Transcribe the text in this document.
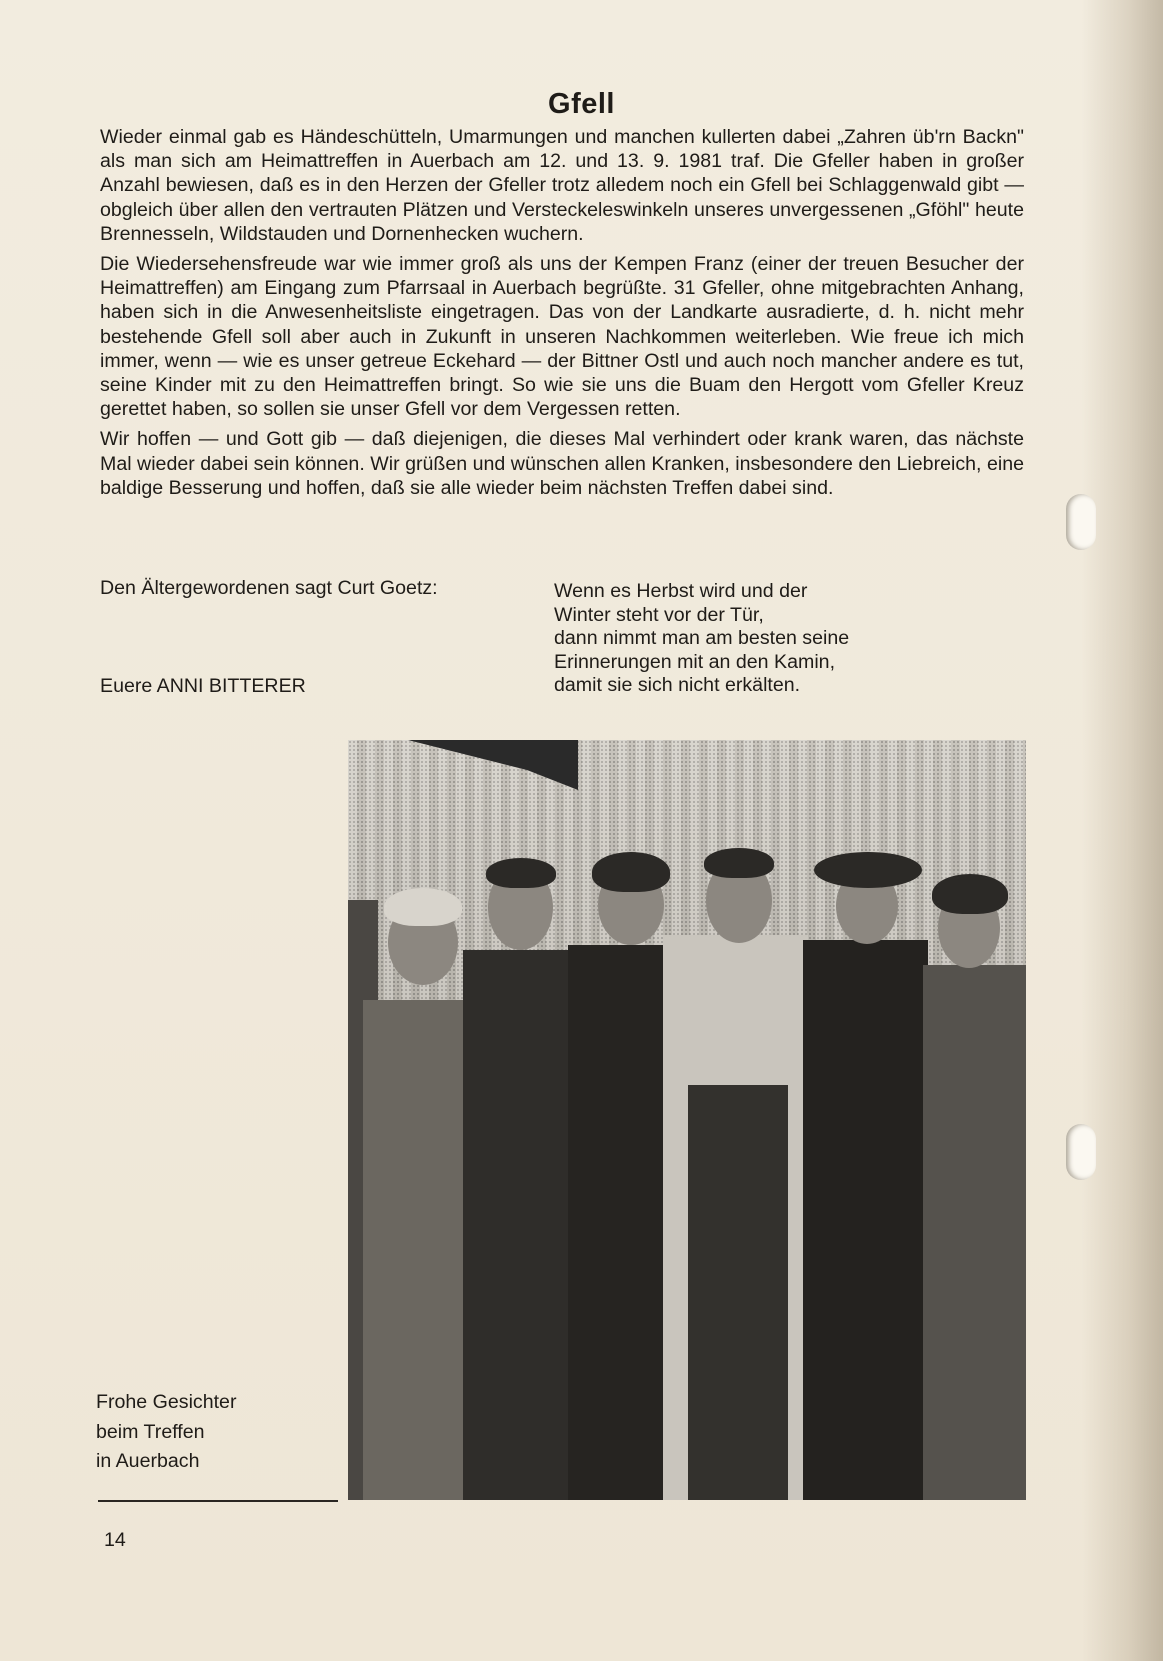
Gfell

Wieder einmal gab es Händeschütteln, Umarmungen und manchen kullerten dabei „Zahren üb'rn Backn" als man sich am Heimattreffen in Auerbach am 12. und 13. 9. 1981 traf. Die Gfeller haben in großer Anzahl bewiesen, daß es in den Herzen der Gfeller trotz alledem noch ein Gfell bei Schlaggenwald gibt — obgleich über allen den vertrauten Plätzen und Versteckeleswinkeln unseres unvergessenen „Gföhl" heute Brennesseln, Wildstauden und Dornenhecken wuchern.

Die Wiedersehensfreude war wie immer groß als uns der Kempen Franz (einer der treuen Besucher der Heimattreffen) am Eingang zum Pfarrsaal in Auerbach begrüßte. 31 Gfeller, ohne mitgebrachten Anhang, haben sich in die Anwesenheitsliste eingetragen. Das von der Landkarte ausradierte, d. h. nicht mehr bestehende Gfell soll aber auch in Zukunft in unseren Nachkommen weiterleben. Wie freue ich mich immer, wenn — wie es unser getreue Eckehard — der Bittner Ostl und auch noch mancher andere es tut, seine Kinder mit zu den Heimattreffen bringt. So wie sie uns die Buam den Hergott vom Gfeller Kreuz gerettet haben, so sollen sie unser Gfell vor dem Vergessen retten.

Wir hoffen — und Gott gib — daß diejenigen, die dieses Mal verhindert oder krank waren, das nächste Mal wieder dabei sein können. Wir grüßen und wünschen allen Kranken, insbesondere den Liebreich, eine baldige Besserung und hoffen, daß sie alle wieder beim nächsten Treffen dabei sind.

Den Ältergewordenen sagt Curt Goetz:	Wenn es Herbst wird und der
Winter steht vor der Tür,
dann nimmt man am besten seine
Erinnerungen mit an den Kamin,
damit sie sich nicht erkälten.
Euere ANNI BITTERER
Frohe Gesichter
beim Treffen
in Auerbach
14
